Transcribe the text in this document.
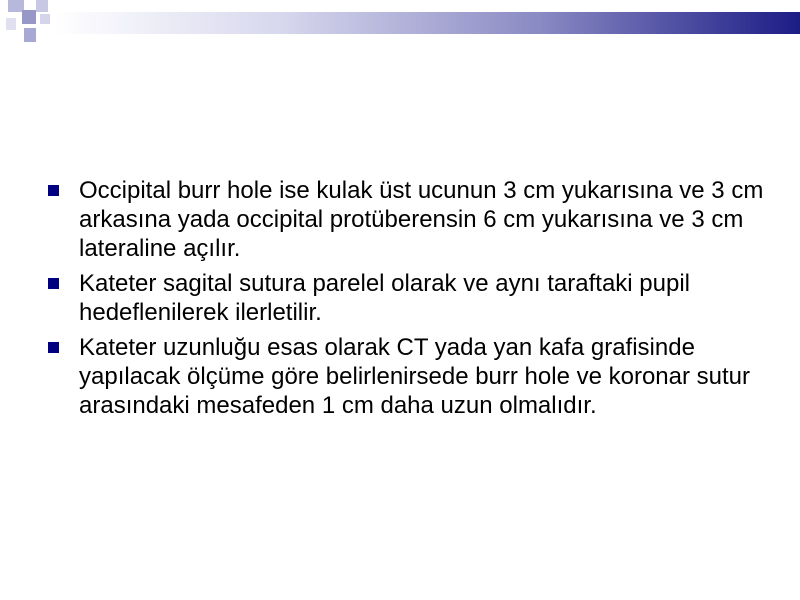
Occipital burr hole ise kulak üst ucunun 3 cm yukarısına ve 3 cm arkasına yada occipital protüberensin 6 cm yukarısına ve 3 cm lateraline açılır.
Kateter sagital sutura parelel olarak ve aynı taraftaki pupil hedeflenilerek ilerletilir.
Kateter uzunluğu esas olarak CT yada yan kafa grafisinde yapılacak ölçüme göre belirlenirsede burr hole ve koronar sutur arasındaki mesafeden 1 cm daha uzun olmalıdır.
